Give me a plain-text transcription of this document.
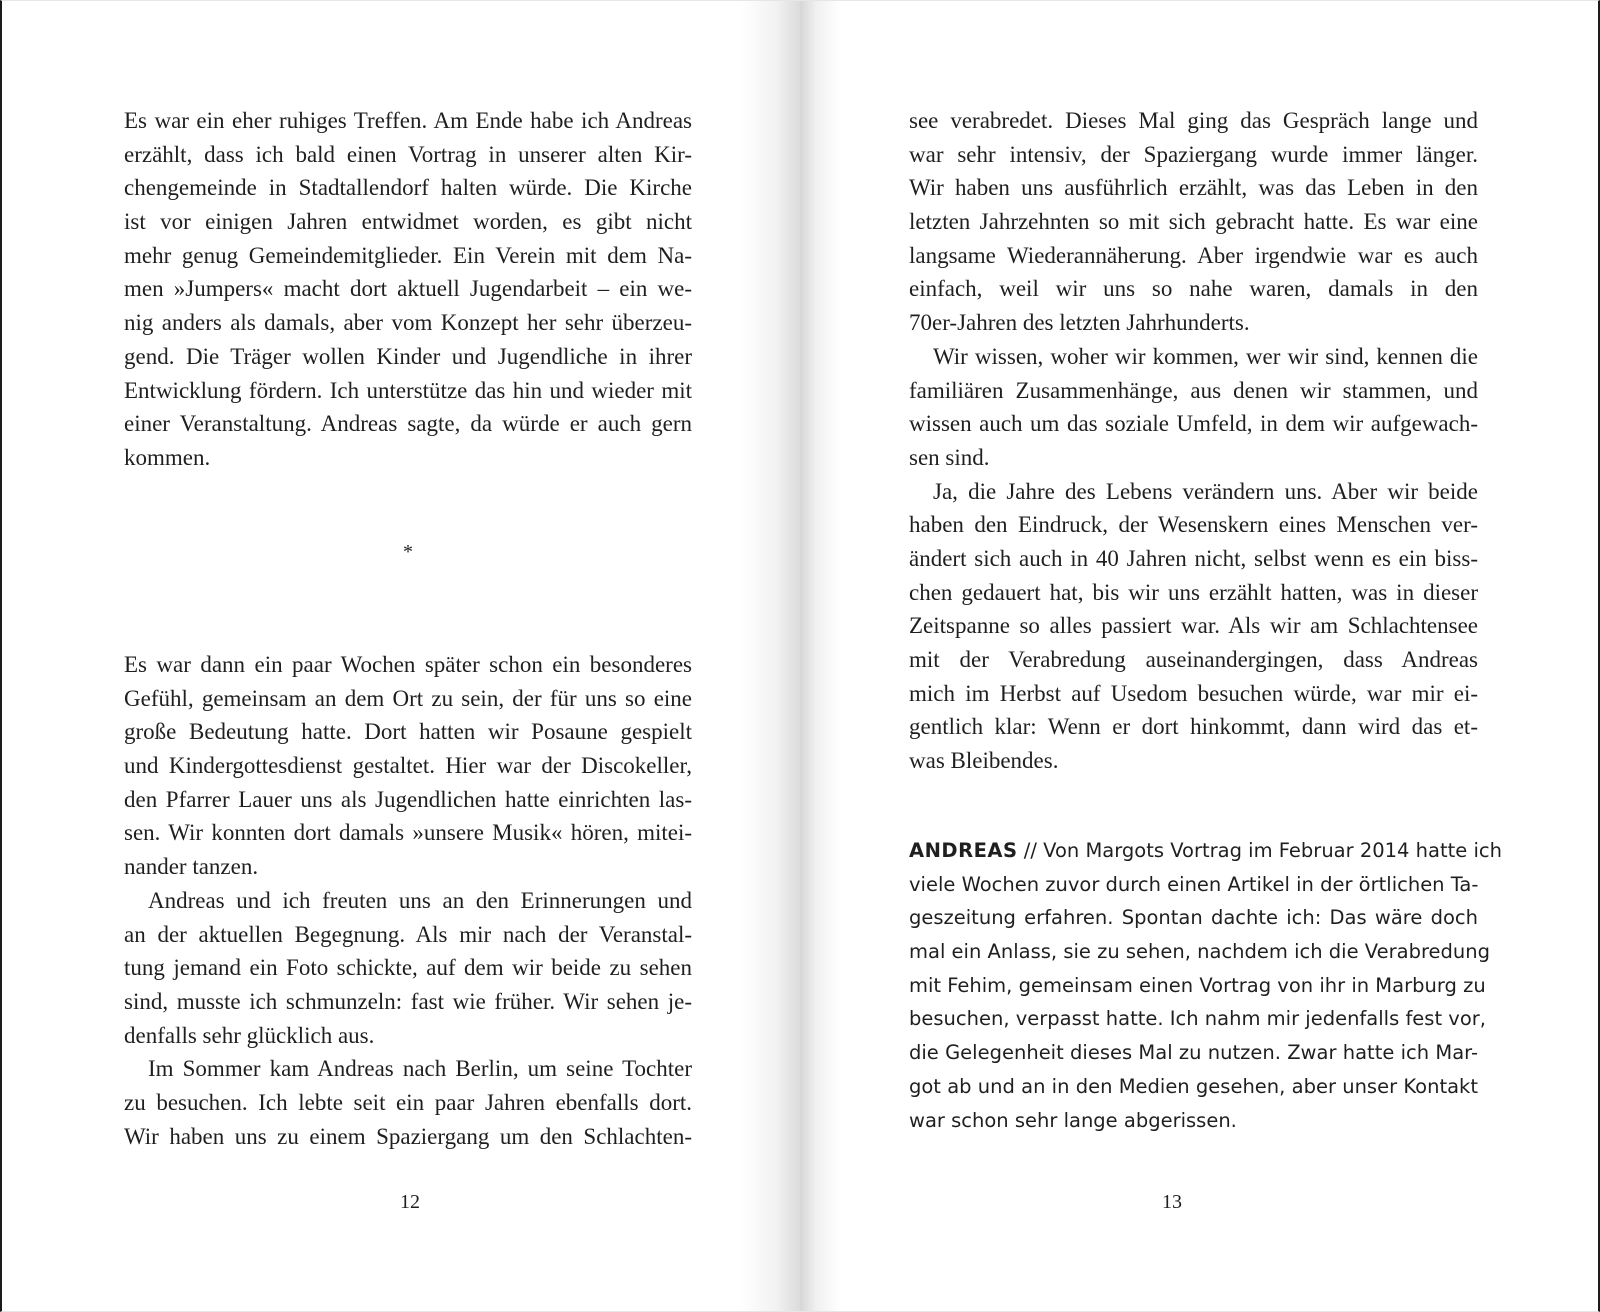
Es war ein eher ruhiges Treffen. Am Ende habe ich Andreas
erzählt, dass ich bald einen Vortrag in unserer alten Kir-
chengemeinde in Stadtallendorf halten würde. Die Kirche
ist vor einigen Jahren entwidmet worden, es gibt nicht
mehr genug Gemeindemitglieder. Ein Verein mit dem Na-
men »Jumpers« macht dort aktuell Jugendarbeit – ein we-
nig anders als damals, aber vom Konzept her sehr überzeu-
gend. Die Träger wollen Kinder und Jugendliche in ihrer
Entwicklung fördern. Ich unterstütze das hin und wieder mit
einer Veranstaltung. Andreas sagte, da würde er auch gern
kommen.
*
Es war dann ein paar Wochen später schon ein besonderes
Gefühl, gemeinsam an dem Ort zu sein, der für uns so eine
große Bedeutung hatte. Dort hatten wir Posaune gespielt
und Kindergottesdienst gestaltet. Hier war der Discokeller,
den Pfarrer Lauer uns als Jugendlichen hatte einrichten las-
sen. Wir konnten dort damals »unsere Musik« hören, mitei-
nander tanzen.
Andreas und ich freuten uns an den Erinnerungen und
an der aktuellen Begegnung. Als mir nach der Veranstal-
tung jemand ein Foto schickte, auf dem wir beide zu sehen
sind, musste ich schmunzeln: fast wie früher. Wir sehen je-
denfalls sehr glücklich aus.
Im Sommer kam Andreas nach Berlin, um seine Tochter
zu besuchen. Ich lebte seit ein paar Jahren ebenfalls dort.
Wir haben uns zu einem Spaziergang um den Schlachten-
12
see verabredet. Dieses Mal ging das Gespräch lange und
war sehr intensiv, der Spaziergang wurde immer länger.
Wir haben uns ausführlich erzählt, was das Leben in den
letzten Jahrzehnten so mit sich gebracht hatte. Es war eine
langsame Wiederannäherung. Aber irgendwie war es auch
einfach, weil wir uns so nahe waren, damals in den
70er-Jahren des letzten Jahrhunderts.
Wir wissen, woher wir kommen, wer wir sind, kennen die
familiären Zusammenhänge, aus denen wir stammen, und
wissen auch um das soziale Umfeld, in dem wir aufgewach-
sen sind.
Ja, die Jahre des Lebens verändern uns. Aber wir beide
haben den Eindruck, der Wesenskern eines Menschen ver-
ändert sich auch in 40 Jahren nicht, selbst wenn es ein biss-
chen gedauert hat, bis wir uns erzählt hatten, was in dieser
Zeitspanne so alles passiert war. Als wir am Schlachtensee
mit der Verabredung auseinandergingen, dass Andreas
mich im Herbst auf Usedom besuchen würde, war mir ei-
gentlich klar: Wenn er dort hinkommt, dann wird das et-
was Bleibendes.
ANDREAS // Von Margots Vortrag im Februar 2014 hatte ich
viele Wochen zuvor durch einen Artikel in der örtlichen Ta-
geszeitung erfahren. Spontan dachte ich: Das wäre doch
mal ein Anlass, sie zu sehen, nachdem ich die Verabredung
mit Fehim, gemeinsam einen Vortrag von ihr in Marburg zu
besuchen, verpasst hatte. Ich nahm mir jedenfalls fest vor,
die Gelegenheit dieses Mal zu nutzen. Zwar hatte ich Mar-
got ab und an in den Medien gesehen, aber unser Kontakt
war schon sehr lange abgerissen.
13
